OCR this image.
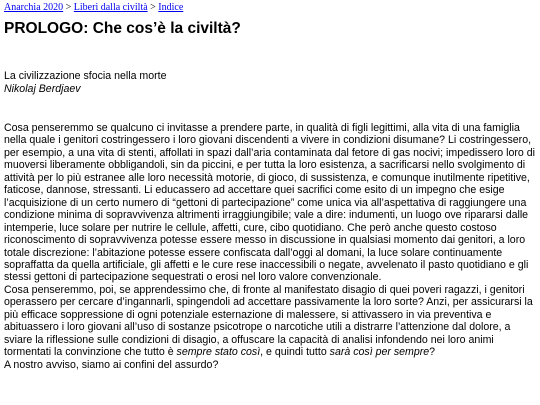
Anarchia 2020 > Liberi dalla civiltà > Indice
PROLOGO: Che cos’è la civiltà?
La civilizzazione sfocia nella morte
Nikolaj Berdjaev

Cosa penseremmo se qualcuno ci invitasse a prendere parte, in qualità di figli legittimi, alla vita di una famiglia nella quale i genitori costringessero i loro giovani discendenti a vivere in condizioni disumane? Li costringessero, per esempio, a una vita di stenti, affollati in spazi dall’aria contaminata dal fetore di gas nocivi; impedissero loro di muoversi liberamente obbligandoli, sin da piccini, e per tutta la loro esistenza, a sacrificarsi nello svolgimento di attività per lo più estranee alle loro necessità motorie, di gioco, di sussistenza, e comunque inutilmente ripetitive, faticose, dannose, stressanti. Li educassero ad accettare quei sacrifici come esito di un impegno che esige l’acquisizione di un certo numero di “gettoni di partecipazione” come unica via all’aspettativa di raggiungere una condizione minima di sopravvivenza altrimenti irraggiungibile; vale a dire: indumenti, un luogo ove ripararsi dalle intemperie, luce solare per nutrire le cellule, affetti, cure, cibo quotidiano. Che però anche questo costoso riconoscimento di sopravvivenza potesse essere messo in discussione in qualsiasi momento dai genitori, a loro totale discrezione: l’abitazione potesse essere confiscata dall’oggi al domani, la luce solare continuamente sopraffatta da quella artificiale, gli affetti e le cure rese inaccessibili o negate, avvelenato il pasto quotidiano e gli stessi gettoni di partecipazione sequestrati o erosi nel loro valore convenzionale.

Cosa penseremmo, poi, se apprendessimo che, di fronte al manifestato disagio di quei poveri ragazzi, i genitori operassero per cercare d’ingannarli, spingendoli ad accettare passivamente la loro sorte? Anzi, per assicurarsi la più efficace soppressione di ogni potenziale esternazione di malessere, si attivassero in via preventiva e abituassero i loro giovani all’uso di sostanze psicotrope o narcotiche utili a distrarre l’attenzione dal dolore, a sviare la riflessione sulle condizioni di disagio, a offuscare la capacità di analisi infondendo nei loro animi tormentati la convinzione che tutto è sempre stato così, e quindi tutto sarà così per sempre?

A nostro avviso, siamo ai confini del assurdo?
